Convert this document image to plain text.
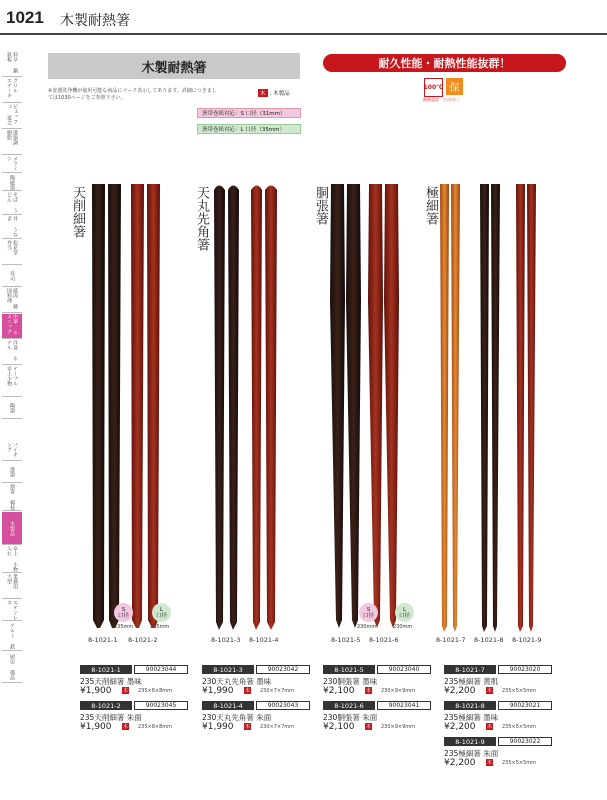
1021 木製耐熱箸
料亭 鍋 鉄板
グリル ステーキ
ビュッフェ 宴会
漆器調 樹脂
メラミン
陶磁器
そば うどん
丼 うなぎ
松花堂 弁当
寿司
焼肉 韓国料理
中華 エスニック
洋食 ホテル
テーブル 卓上小物
陶器
バイキング
漆器
割箸 楊枝
木製品
卓上 小物入れ
業務用 大型
ステンレス
アルミ 鉄
厨房 備品
木製耐熱箸
※食器洗浄機が使用可能な商品にマーク表示してあります。詳細につきましては1030ページをご参照下さい。
木 : 木製品
箸帯巻紙対応：S 口径（31mm）
箸帯巻紙対応：L 口径（35mm）
耐久性能・耐熱性能抜群！
100℃
耐熱温度
保
抗菌加工
天削細箸	天丸先角箸	胴張箸	極細箸
S
口径
235mm
L
口径
235mm
S
口径
230mm
L
口径
230mm
8-1021-1 8-1021-2	8-1021-3 8-1021-4	8-1021-5 8-1021-6	8-1021-7 8-1021-8 8-1021-9
8-1021-1	90023044
235天削細箸 墨味
¥1,900 木 235×8×8mm
8-1021-2	90023045
235天削細箸 朱面
¥1,900 木 235×8×8mm
8-1021-3	90023042
230天丸先角箸 墨味
¥1,990 木 230×7×7mm
8-1021-4	90023043
230天丸先角箸 朱面
¥1,990 木 230×7×7mm
8-1021-5	90023040
230胴張箸 墨味
¥2,100 木 230×9×9mm
8-1021-6	90023041
230胴張箸 朱面
¥2,100 木 230×9×9mm
8-1021-7	90023020
235極細箸 黄肌
¥2,200 木 235×5×5mm
8-1021-8	90023021
235極細箸 墨味
¥2,200 木 235×5×5mm
8-1021-9	90023022
235極細箸 朱面
¥2,200 木 235×5×5mm
